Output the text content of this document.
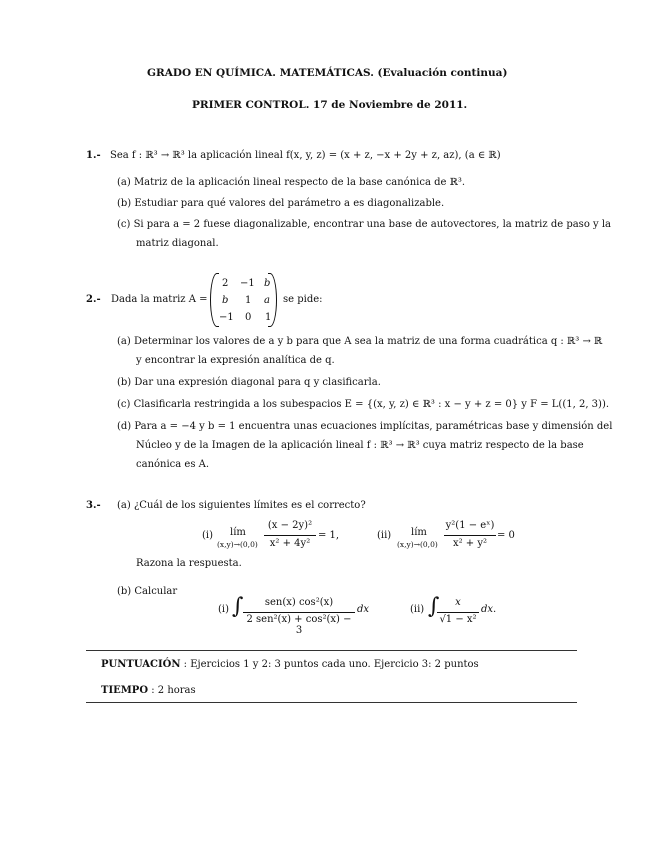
GRADO EN QUÍMICA. MATEMÁTICAS. (Evaluación continua)
PRIMER CONTROL. 17 de Noviembre de 2011.
1.- Sea f : ℝ³ → ℝ³ la aplicación lineal f(x, y, z) = (x + z, −x + 2y + z, az), (a ∈ ℝ)
(a) Matriz de la aplicación lineal respecto de la base canónica de ℝ³.
(b) Estudiar para qué valores del parámetro a es diagonalizable.
(c) Si para a = 2 fuese diagonalizable, encontrar una base de autovectores, la matriz de paso y la
matriz diagonal.
2.- Dada la matriz A =
2 −1 b
b 1 a
−1 0 1
se pide:
(a) Determinar los valores de a y b para que A sea la matriz de una forma cuadrática q : ℝ³ → ℝ
y encontrar la expresión analítica de q.
(b) Dar una expresión diagonal para q y clasificarla.
(c) Clasificarla restringida a los subespacios E = {(x, y, z) ∈ ℝ³ : x − y + z = 0} y F = L((1, 2, 3)).
(d) Para a = −4 y b = 1 encuentra unas ecuaciones implícitas, paramétricas base y dimensión del
Núcleo y de la Imagen de la aplicación lineal f : ℝ³ → ℝ³ cuya matriz respecto de la base
canónica es A.
3.- (a) ¿Cuál de los siguientes límites es el correcto?
(i) lím
(x,y)→(0,0)
(x − 2y)²
x² + 4y²
= 1,	(ii) lím
(x,y)→(0,0)
y²(1 − eˣ)
x² + y²
= 0
Razona la respuesta.
(b) Calcular
(i) ∫	sen(x) cos²(x)
2 sen²(x) + cos²(x) − 3
dx	(ii) ∫	x
√1 − x²
dx.
PUNTUACIÓN : Ejercicios 1 y 2: 3 puntos cada uno. Ejercicio 3: 2 puntos
TIEMPO : 2 horas
